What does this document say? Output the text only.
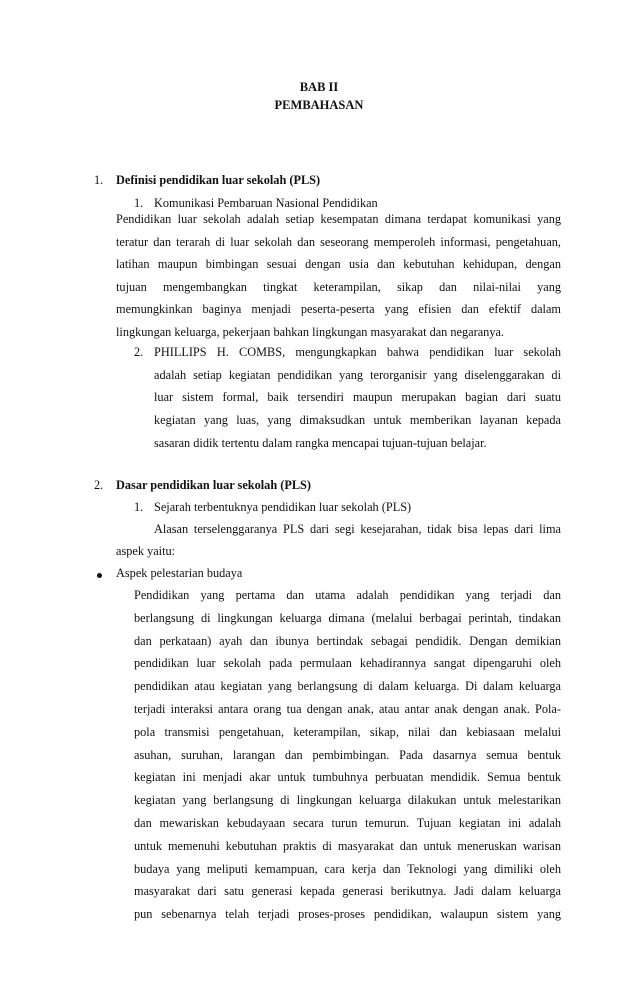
BAB II
PEMBAHASAN
1. Definisi pendidikan luar sekolah (PLS)
1. Komunikasi Pembaruan Nasional Pendidikan
Pendidikan luar sekolah adalah setiap kesempatan dimana terdapat komunikasi yang
teratur dan terarah di luar sekolah dan seseorang memperoleh informasi, pengetahuan,
latihan maupun bimbingan sesuai dengan usia dan kebutuhan kehidupan, dengan
tujuan mengembangkan tingkat keterampilan, sikap dan nilai-nilai yang
memungkinkan baginya menjadi peserta-peserta yang efisien dan efektif dalam
lingkungan keluarga, pekerjaan bahkan lingkungan masyarakat dan negaranya.
2. PHILLIPS H. COMBS, mengungkapkan bahwa pendidikan luar sekolah
adalah setiap kegiatan pendidikan yang terorganisir yang diselenggarakan di
luar sistem formal, baik tersendiri maupun merupakan bagian dari suatu
kegiatan yang luas, yang dimaksudkan untuk memberikan layanan kepada
sasaran didik tertentu dalam rangka mencapai tujuan-tujuan belajar.
2. Dasar pendidikan luar sekolah (PLS)
1. Sejarah terbentuknya pendidikan luar sekolah (PLS)
Alasan terselenggaranya PLS dari segi kesejarahan, tidak bisa lepas dari lima
aspek yaitu:
Aspek pelestarian budaya
Pendidikan yang pertama dan utama adalah pendidikan yang terjadi dan
berlangsung di lingkungan keluarga dimana (melalui berbagai perintah, tindakan
dan perkataan) ayah dan ibunya bertindak sebagai pendidik. Dengan demikian
pendidikan luar sekolah pada permulaan kehadirannya sangat dipengaruhi oleh
pendidikan atau kegiatan yang berlangsung di dalam keluarga. Di dalam keluarga
terjadi interaksi antara orang tua dengan anak, atau antar anak dengan anak. Pola-
pola transmisi pengetahuan, keterampilan, sikap, nilai dan kebiasaan melalui
asuhan, suruhan, larangan dan pembimbingan. Pada dasarnya semua bentuk
kegiatan ini menjadi akar untuk tumbuhnya perbuatan mendidik. Semua bentuk
kegiatan yang berlangsung di lingkungan keluarga dilakukan untuk melestarikan
dan mewariskan kebudayaan secara turun temurun. Tujuan kegiatan ini adalah
untuk memenuhi kebutuhan praktis di masyarakat dan untuk meneruskan warisan
budaya yang meliputi kemampuan, cara kerja dan Teknologi yang dimiliki oleh
masyarakat dari satu generasi kepada generasi berikutnya. Jadi dalam keluarga
pun sebenarnya telah terjadi proses-proses pendidikan, walaupun sistem yang
